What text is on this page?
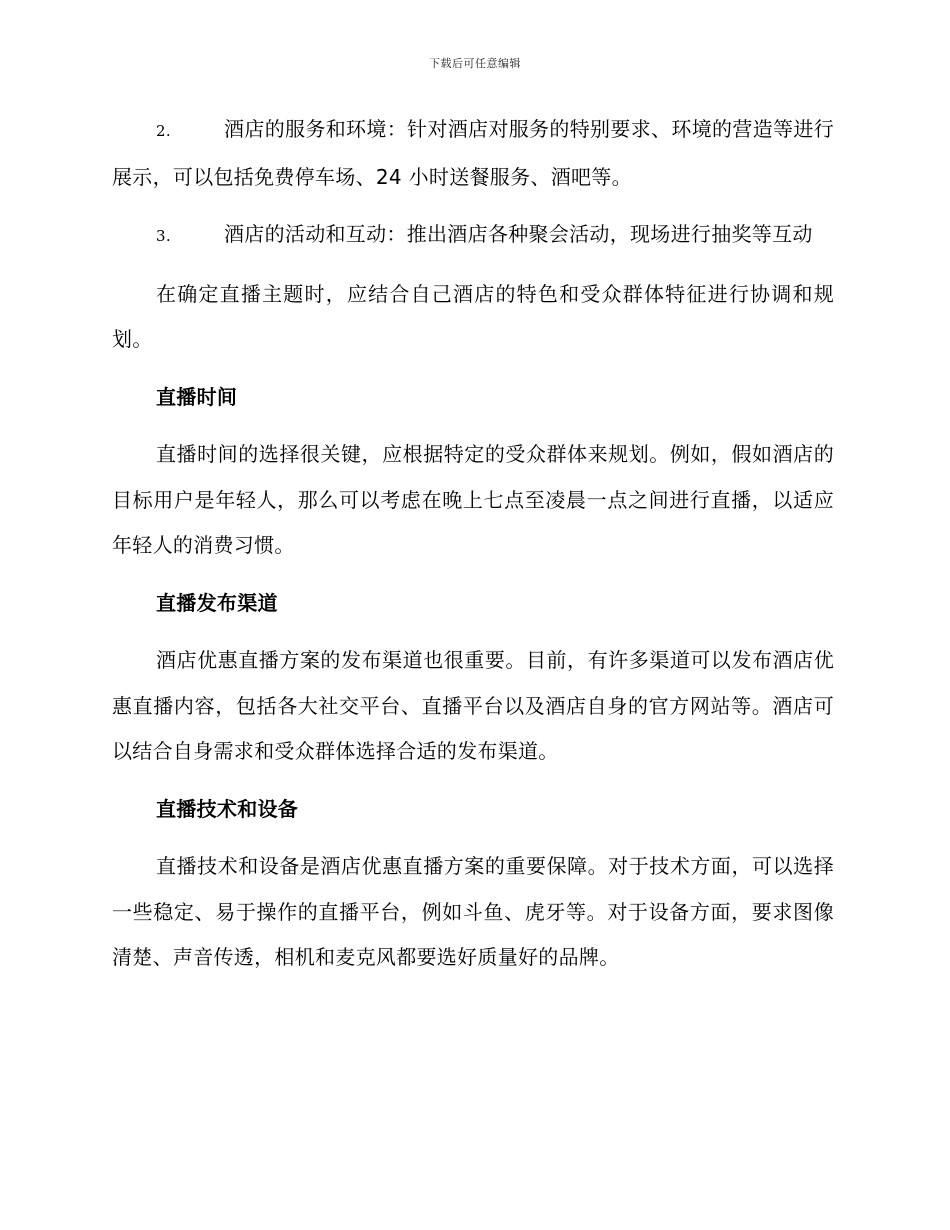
下载后可任意编辑

2.	酒店的服务和环境：针对酒店对服务的特别要求、环境的营造等进行展示，可以包括免费停车场、24 小时送餐服务、酒吧等。

3.	酒店的活动和互动：推出酒店各种聚会活动，现场进行抽奖等互动

在确定直播主题时，应结合自己酒店的特色和受众群体特征进行协调和规划。

直播时间

直播时间的选择很关键，应根据特定的受众群体来规划。例如，假如酒店的目标用户是年轻人，那么可以考虑在晚上七点至凌晨一点之间进行直播，以适应年轻人的消费习惯。

直播发布渠道

酒店优惠直播方案的发布渠道也很重要。目前，有许多渠道可以发布酒店优惠直播内容，包括各大社交平台、直播平台以及酒店自身的官方网站等。酒店可以结合自身需求和受众群体选择合适的发布渠道。

直播技术和设备

直播技术和设备是酒店优惠直播方案的重要保障。对于技术方面，可以选择一些稳定、易于操作的直播平台，例如斗鱼、虎牙等。对于设备方面，要求图像清楚、声音传透，相机和麦克风都要选好质量好的品牌。
